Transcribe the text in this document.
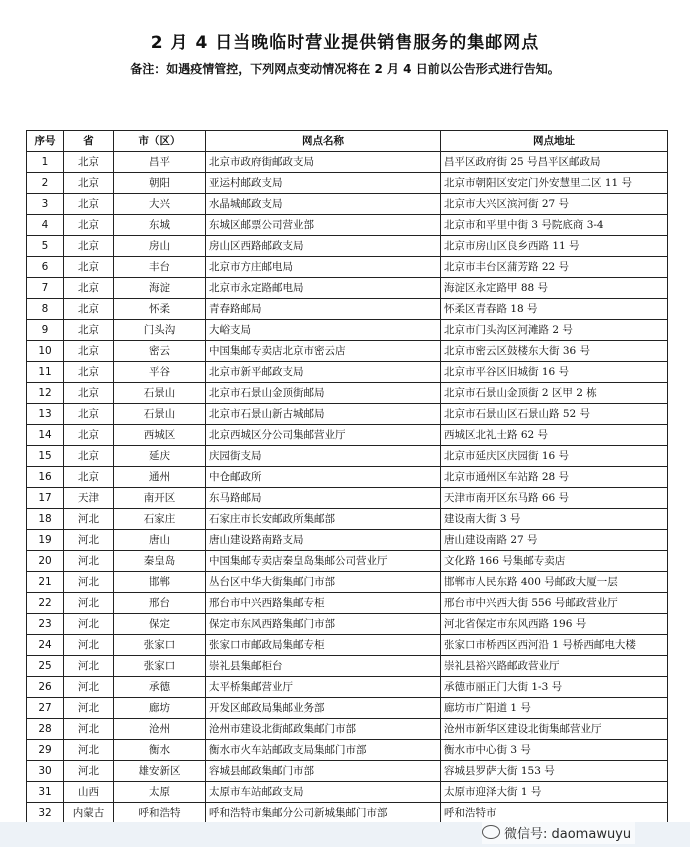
2 月 4 日当晚临时营业提供销售服务的集邮网点
备注：如遇疫情管控，下列网点变动情况将在 2 月 4 日前以公告形式进行告知。
序号	省	市（区）	网点名称	网点地址
1	北京	昌平	北京市政府街邮政支局	昌平区政府街 25 号昌平区邮政局
2	北京	朝阳	亚运村邮政支局	北京市朝阳区安定门外安慧里二区 11 号
3	北京	大兴	水晶城邮政支局	北京市大兴区滨河街 27 号
4	北京	东城	东城区邮票公司营业部	北京市和平里中街 3 号院底商 3-4
5	北京	房山	房山区西路邮政支局	北京市房山区良乡西路 11 号
6	北京	丰台	北京市方庄邮电局	北京市丰台区蒲芳路 22 号
7	北京	海淀	北京市永定路邮电局	海淀区永定路甲 88 号
8	北京	怀柔	青春路邮局	怀柔区青春路 18 号
9	北京	门头沟	大峪支局	北京市门头沟区河滩路 2 号
10	北京	密云	中国集邮专卖店北京市密云店	北京市密云区鼓楼东大街 36 号
11	北京	平谷	北京市新平邮政支局	北京市平谷区旧城街 16 号
12	北京	石景山	北京市石景山金顶街邮局	北京市石景山金顶街 2 区甲 2 栋
13	北京	石景山	北京市石景山新古城邮局	北京市石景山区石景山路 52 号
14	北京	西城区	北京西城区分公司集邮营业厅	西城区北礼士路 62 号
15	北京	延庆	庆园街支局	北京市延庆区庆园街 16 号
16	北京	通州	中仓邮政所	北京市通州区车站路 28 号
17	天津	南开区	东马路邮局	天津市南开区东马路 66 号
18	河北	石家庄	石家庄市长安邮政所集邮部	建设南大街 3 号
19	河北	唐山	唐山建设路南路支局	唐山建设南路 27 号
20	河北	秦皇岛	中国集邮专卖店秦皇岛集邮公司营业厅	文化路 166 号集邮专卖店
21	河北	邯郸	丛台区中华大街集邮门市部	邯郸市人民东路 400 号邮政大厦一层
22	河北	邢台	邢台市中兴西路集邮专柜	邢台市中兴西大街 556 号邮政营业厅
23	河北	保定	保定市东风西路集邮门市部	河北省保定市东风西路 196 号
24	河北	张家口	张家口市邮政局集邮专柜	张家口市桥西区西河沿 1 号桥西邮电大楼
25	河北	张家口	崇礼县集邮柜台	崇礼县裕兴路邮政营业厅
26	河北	承德	太平桥集邮营业厅	承德市丽正门大街 1-3 号
27	河北	廊坊	开发区邮政局集邮业务部	廊坊市广阳道 1 号
28	河北	沧州	沧州市建设北街邮政集邮门市部	沧州市新华区建设北街集邮营业厅
29	河北	衡水	衡水市火车站邮政支局集邮门市部	衡水市中心街 3 号
30	河北	雄安新区	容城县邮政集邮门市部	容城县罗萨大街 153 号
31	山西	太原	太原市车站邮政支局	太原市迎泽大街 1 号
32	内蒙古	呼和浩特	呼和浩特市集邮分公司新城集邮门市部	呼和浩特市
微信号: daomawuyu
